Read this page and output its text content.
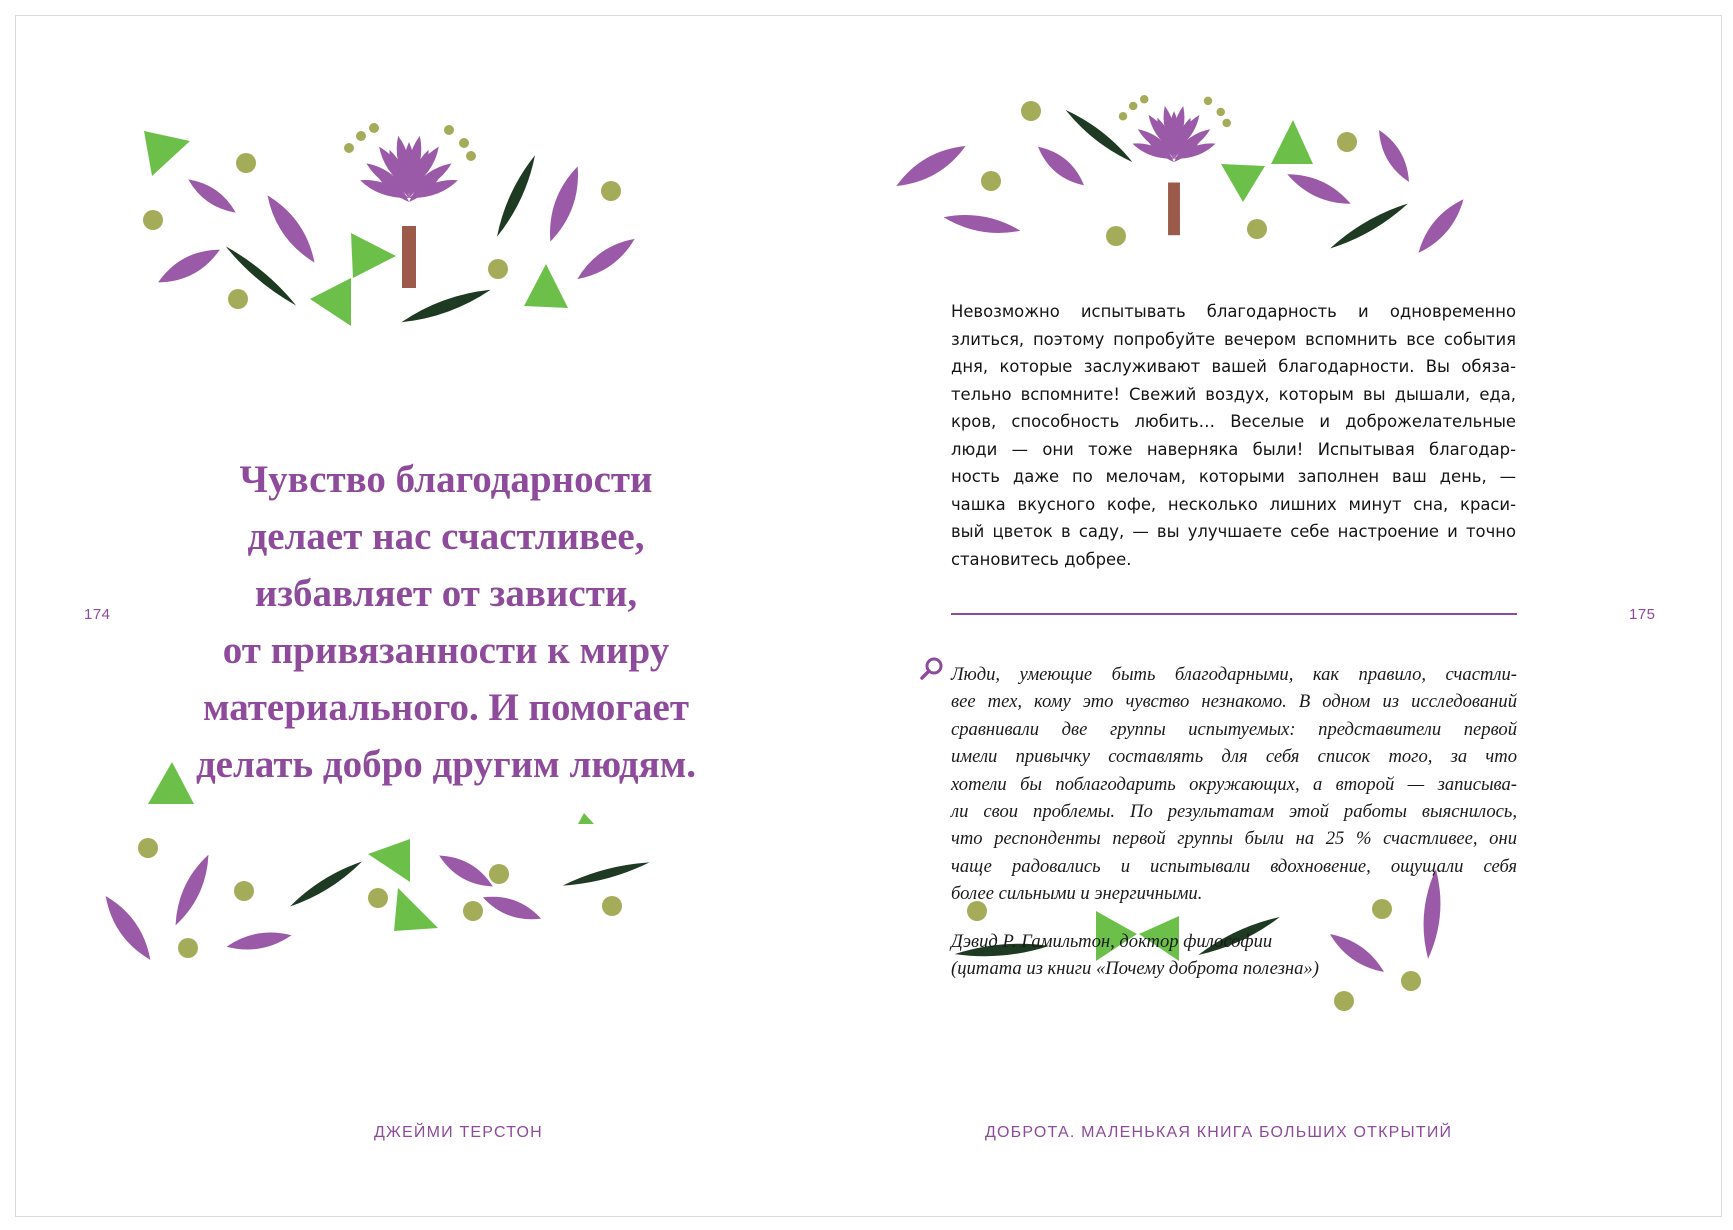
174

Чувство благодарности
делает нас счастливее,
избавляет от зависти,
от привязанности к миру
материального. И помогает
делать добро другим людям.

ДЖЕЙМИ ТЕРСТОН

Невозможно испытывать благодарность и одновременно
злиться, поэтому попробуйте вечером вспомнить все события
дня, которые заслуживают вашей благодарности. Вы обяза-
тельно вспомните! Свежий воздух, которым вы дышали, еда,
кров, способность любить… Веселые и доброжелательные
люди — они тоже наверняка были! Испытывая благодар-
ность даже по мелочам, которыми заполнен ваш день, —
чашка вкусного кофе, несколько лишних минут сна, краси-
вый цветок в саду, — вы улучшаете себе настроение и точно
становитесь добрее.

175

Люди, умеющие быть благодарными, как правило, счастли-
вее тех, кому это чувство незнакомо. В одном из исследований
сравнивали две группы испытуемых: представители первой
имели привычку составлять для себя список того, за что
хотели бы поблагодарить окружающих, а второй — записыва-
ли свои проблемы. По результатам этой работы выяснилось,
что респонденты первой группы были на 25 % счастливее, они
чаще радовались и испытывали вдохновение, ощущали себя
более сильными и энергичными.

Дэвид Р. Гамильтон, доктор философии
(цитата из книги «Почему доброта полезна»)

ДОБРОТА. МАЛЕНЬКАЯ КНИГА БОЛЬШИХ ОТКРЫТИЙ
